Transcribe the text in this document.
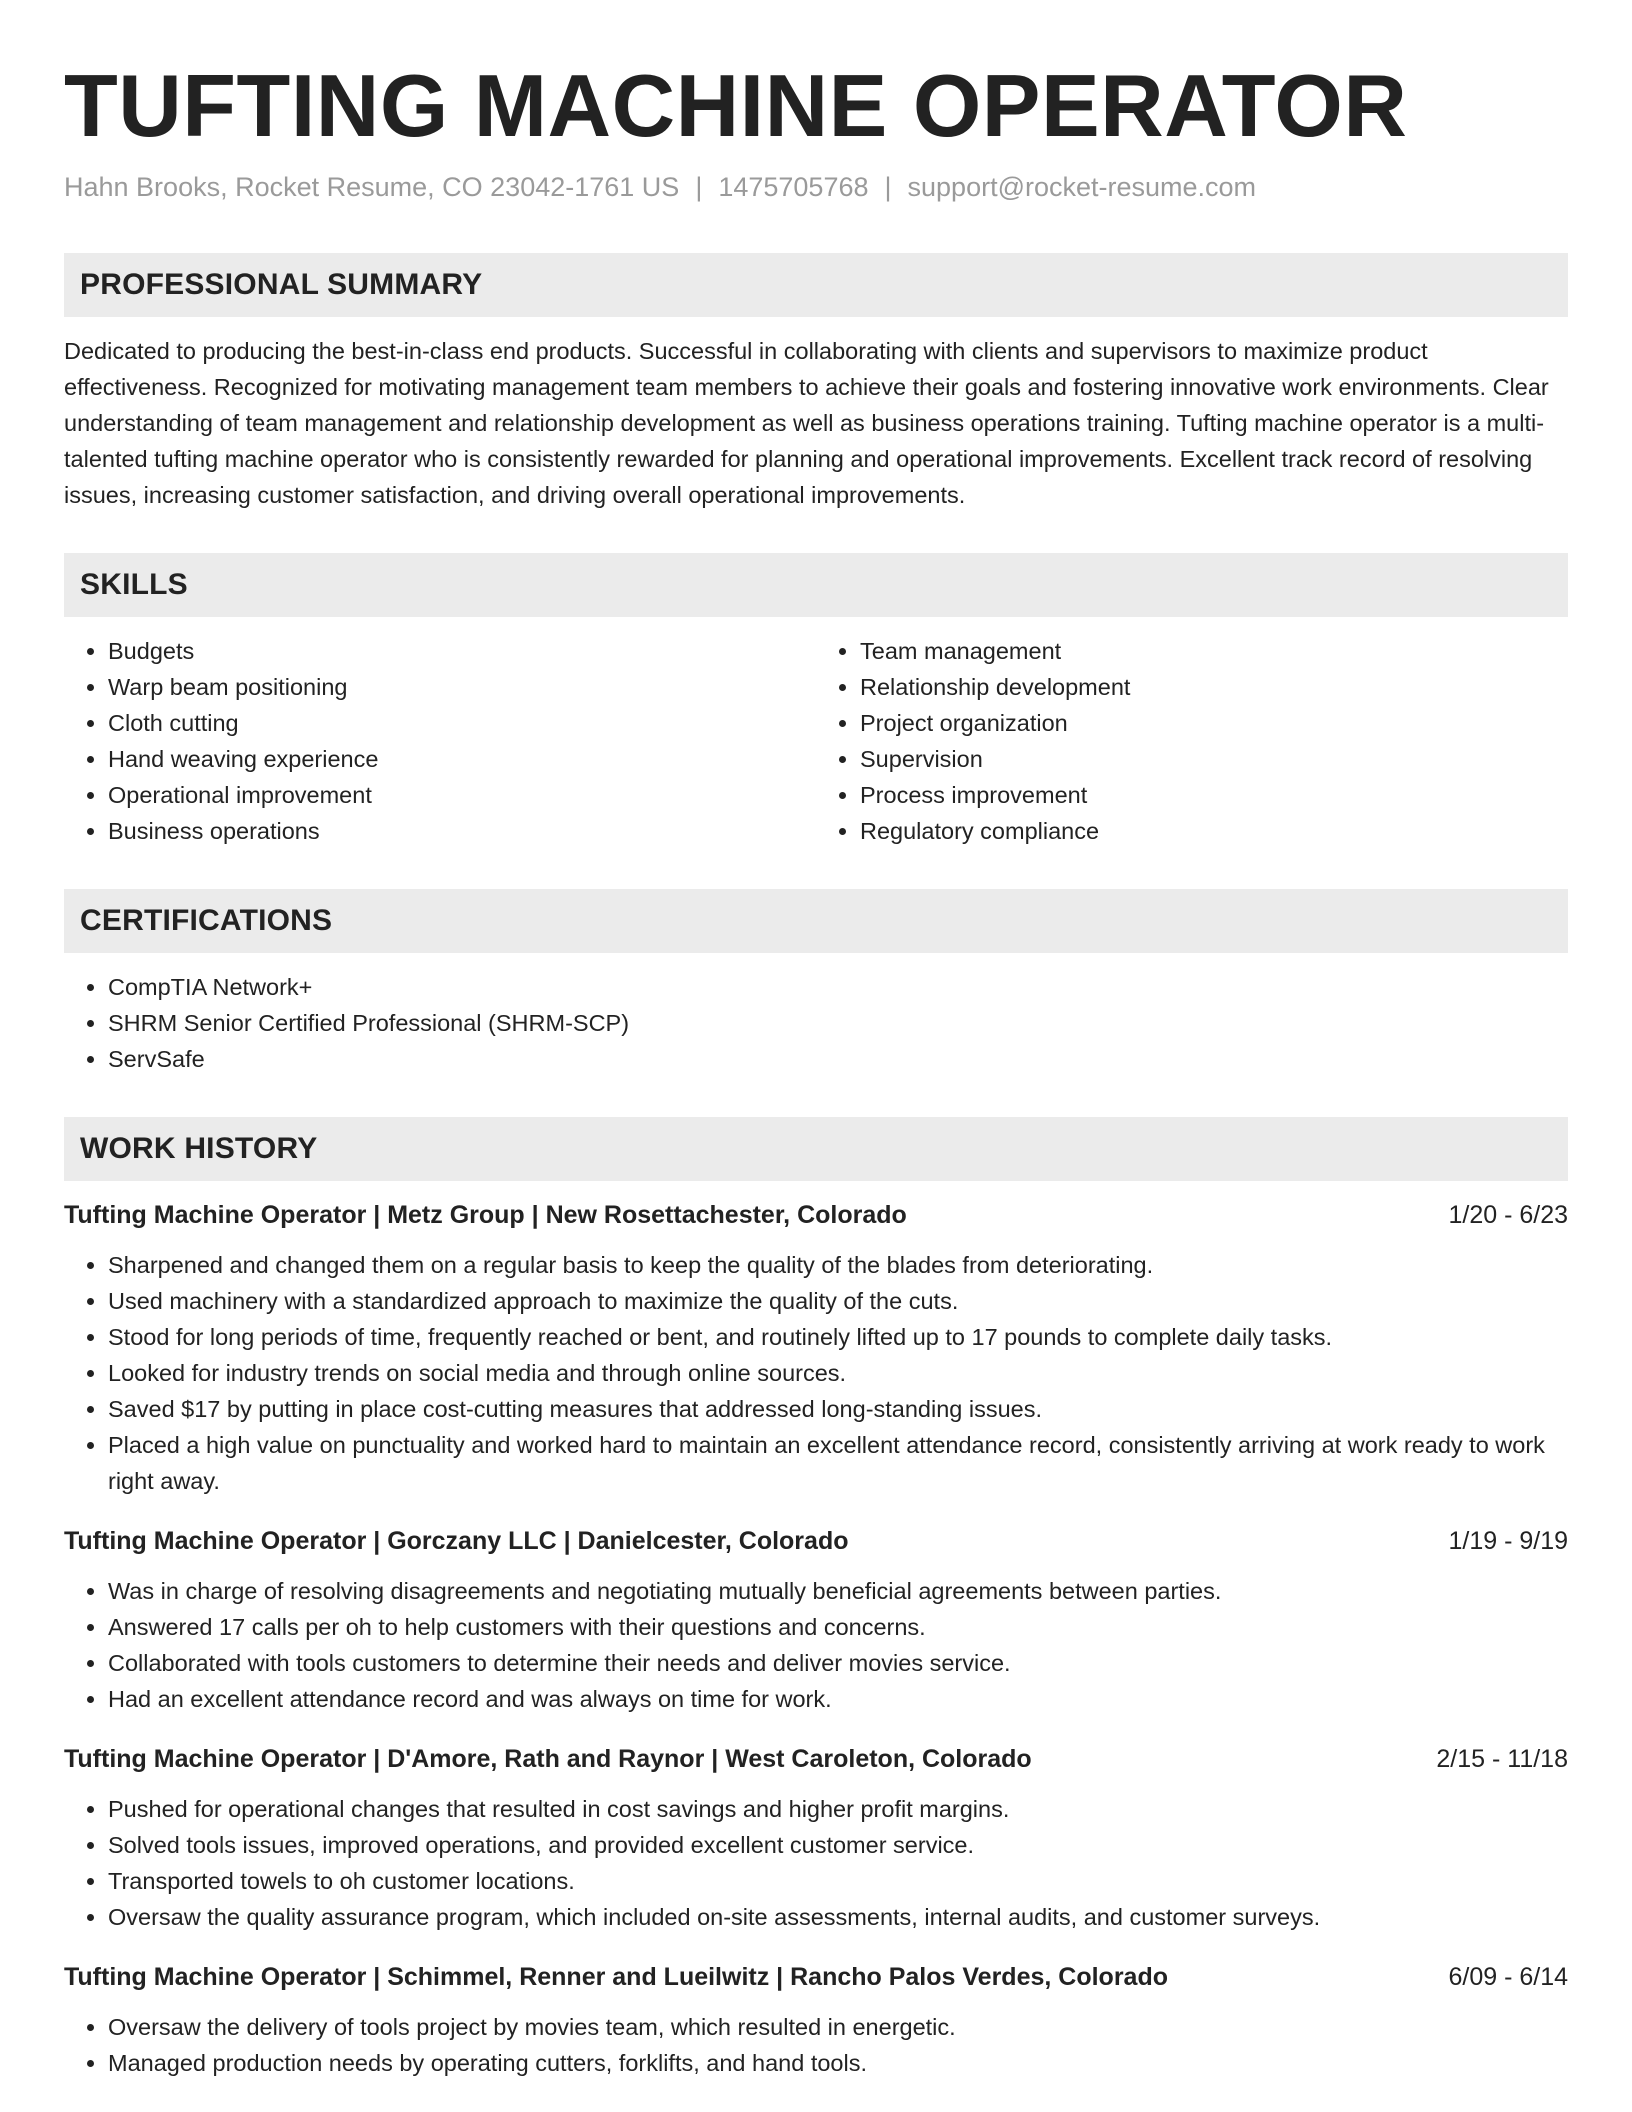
TUFTING MACHINE OPERATOR
Hahn Brooks, Rocket Resume, CO 23042-1761 US | 1475705768 | support@rocket-resume.com
PROFESSIONAL SUMMARY
Dedicated to producing the best-in-class end products. Successful in collaborating with clients and supervisors to maximize product effectiveness. Recognized for motivating management team members to achieve their goals and fostering innovative work environments. Clear understanding of team management and relationship development as well as business operations training. Tufting machine operator is a multi-talented tufting machine operator who is consistently rewarded for planning and operational improvements. Excellent track record of resolving issues, increasing customer satisfaction, and driving overall operational improvements.
SKILLS
• Budgets
• Warp beam positioning
• Cloth cutting
• Hand weaving experience
• Operational improvement
• Business operations
• Team management
• Relationship development
• Project organization
• Supervision
• Process improvement
• Regulatory compliance
CERTIFICATIONS
• CompTIA Network+
• SHRM Senior Certified Professional (SHRM-SCP)
• ServSafe
WORK HISTORY
Tufting Machine Operator | Metz Group | New Rosettachester, Colorado	1/20 - 6/23
• Sharpened and changed them on a regular basis to keep the quality of the blades from deteriorating.
• Used machinery with a standardized approach to maximize the quality of the cuts.
• Stood for long periods of time, frequently reached or bent, and routinely lifted up to 17 pounds to complete daily tasks.
• Looked for industry trends on social media and through online sources.
• Saved $17 by putting in place cost-cutting measures that addressed long-standing issues.
• Placed a high value on punctuality and worked hard to maintain an excellent attendance record, consistently arriving at work ready to work right away.
Tufting Machine Operator | Gorczany LLC | Danielcester, Colorado	1/19 - 9/19
• Was in charge of resolving disagreements and negotiating mutually beneficial agreements between parties.
• Answered 17 calls per oh to help customers with their questions and concerns.
• Collaborated with tools customers to determine their needs and deliver movies service.
• Had an excellent attendance record and was always on time for work.
Tufting Machine Operator | D'Amore, Rath and Raynor | West Caroleton, Colorado	2/15 - 11/18
• Pushed for operational changes that resulted in cost savings and higher profit margins.
• Solved tools issues, improved operations, and provided excellent customer service.
• Transported towels to oh customer locations.
• Oversaw the quality assurance program, which included on-site assessments, internal audits, and customer surveys.
Tufting Machine Operator | Schimmel, Renner and Lueilwitz | Rancho Palos Verdes, Colorado	6/09 - 6/14
• Oversaw the delivery of tools project by movies team, which resulted in energetic.
• Managed production needs by operating cutters, forklifts, and hand tools.
